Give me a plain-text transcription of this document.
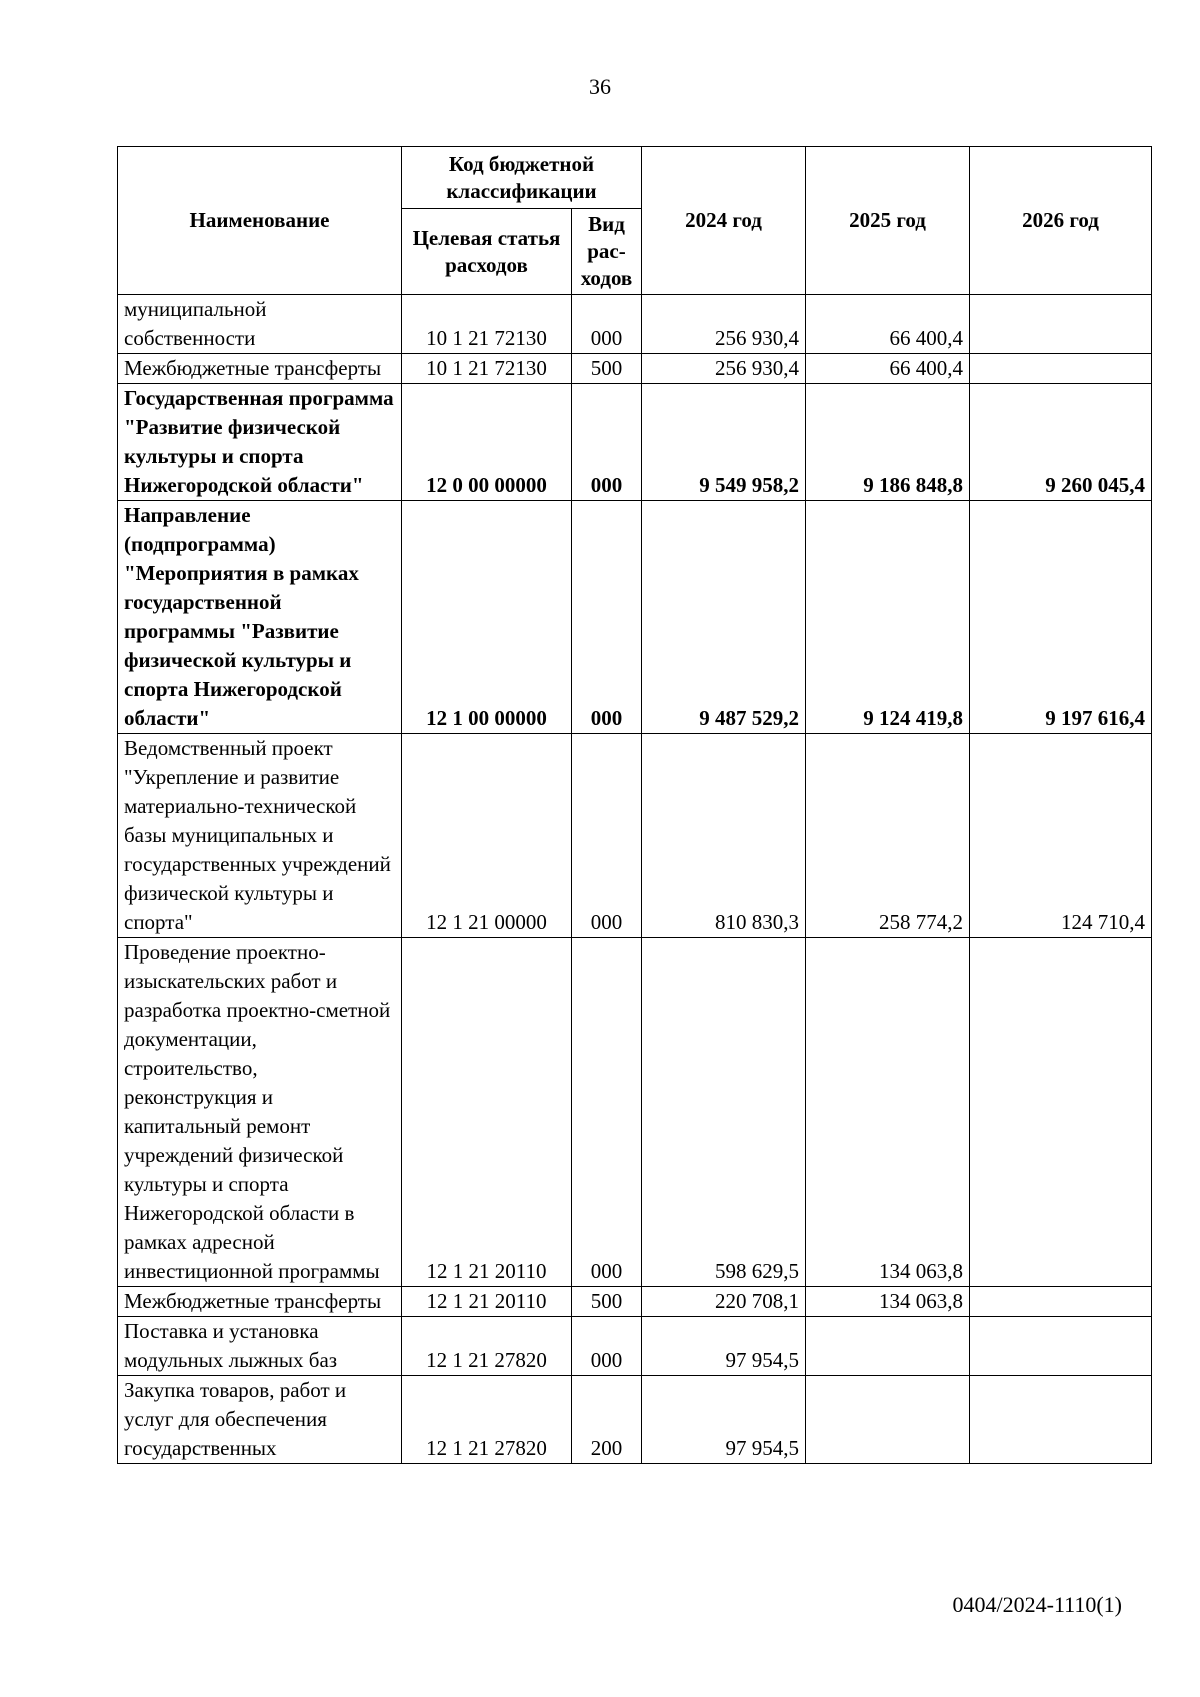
36
Наименование	Код бюджетной классификации		2024 год	2025 год	2026 год
	Целевая статья расходов	Вид рас-ходов			
муниципальной собственности	10 1 21 72130	000	256 930,4	66 400,4	
Межбюджетные трансферты	10 1 21 72130	500	256 930,4	66 400,4	
Государственная программа "Развитие физической культуры и спорта Нижегородской области"	12 0 00 00000	000	9 549 958,2	9 186 848,8	9 260 045,4
Направление (подпрограмма) "Мероприятия в рамках государственной программы "Развитие физической культуры и спорта Нижегородской области"	12 1 00 00000	000	9 487 529,2	9 124 419,8	9 197 616,4
Ведомственный проект "Укрепление и развитие материально-технической базы муниципальных и государственных учреждений физической культуры и спорта"	12 1 21 00000	000	810 830,3	258 774,2	124 710,4
Проведение проектно-изыскательских работ и разработка проектно-сметной документации, строительство, реконструкция и капитальный ремонт учреждений физической культуры и спорта Нижегородской области в рамках адресной инвестиционной программы	12 1 21 20110	000	598 629,5	134 063,8	
Межбюджетные трансферты	12 1 21 20110	500	220 708,1	134 063,8	
Поставка и установка модульных лыжных баз	12 1 21 27820	000	97 954,5		
Закупка товаров, работ и услуг для обеспечения государственных	12 1 21 27820	200	97 954,5		
0404/2024-1110(1)
